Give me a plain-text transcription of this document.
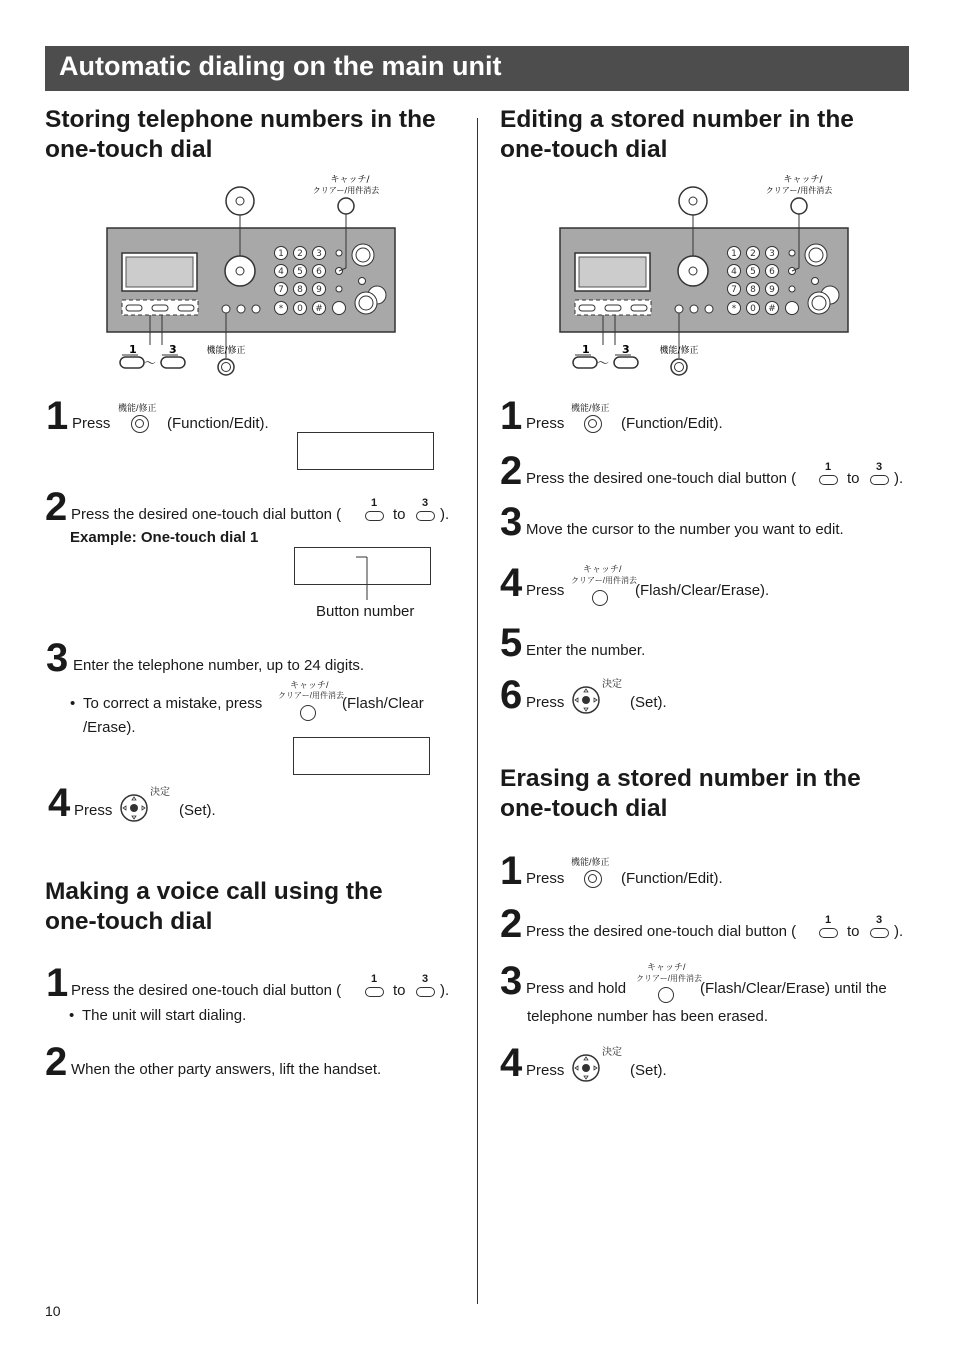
Automatic dialing on the main unit
Storing telephone numbers in the
one-touch dial
1 2 3
4 5 6
7 8 9
* 0 #
キャッチ/
クリアー/用件消去
1	3
～
機能/修正
1 Press
機能/修正
(Function/Edit).
2 Press the desired one-touch dial button (
1
to
3
).
Example: One-touch dial 1
Button number
3 Enter the telephone number, up to 24 digits.
• To correct a mistake, press
キャッチ/
クリアー/用件消去
(Flash/Clear
/Erase).
4 Press
決定
(Set).
Making a voice call using the
one-touch dial
1 Press the desired one-touch dial button (
1
to
3
).
• The unit will start dialing.
2 When the other party answers, lift the handset.
Editing a stored number in the
one-touch dial
1 2 3
4 5 6
7 8 9
* 0 #
キャッチ/
クリアー/用件消去
1	3
～
機能/修正
1 Press
機能/修正
(Function/Edit).
2 Press the desired one-touch dial button (
1
to
3
).
3 Move the cursor to the number you want to edit.
4 Press
キャッチ/
クリアー/用件消去
(Flash/Clear/Erase).
5 Enter the number.
6 Press
決定
(Set).
Erasing a stored number in the
one-touch dial
1 Press
機能/修正
(Function/Edit).
2 Press the desired one-touch dial button (
1
to
3
).
3 Press and hold
キャッチ/
クリアー/用件消去
(Flash/Clear/Erase) until the
telephone number has been erased.
4 Press
決定
(Set).
10
